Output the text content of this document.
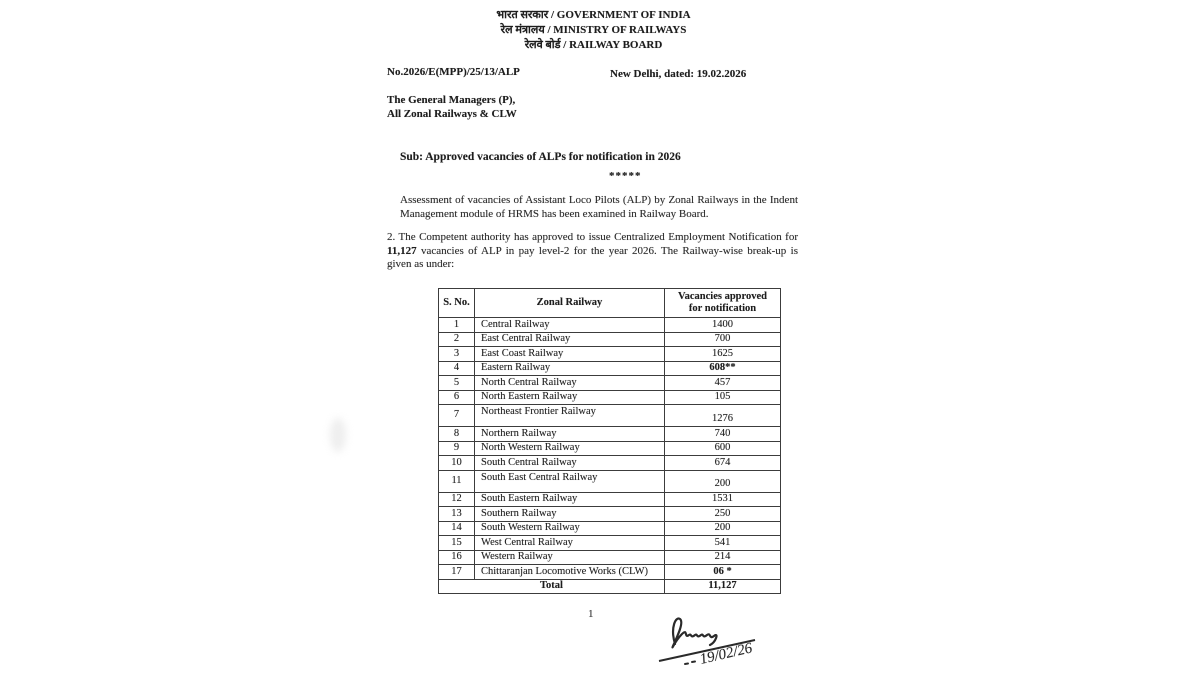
भारत सरकार / GOVERNMENT OF INDIA
रेल मंत्रालय / MINISTRY OF RAILWAYS
रेलवे बोर्ड / RAILWAY BOARD
No.2026/E(MPP)/25/13/ALP	New Delhi, dated: 19.02.2026
The General Managers (P),
All Zonal Railways & CLW
Sub: Approved vacancies of ALPs for notification in 2026
*****

Assessment of vacancies of Assistant Loco Pilots (ALP) by Zonal Railways in the Indent Management module of HRMS has been examined in Railway Board.

2. The Competent authority has approved to issue Centralized Employment Notification for 11,127 vacancies of ALP in pay level-2 for the year 2026. The Railway-wise break-up is given as under:

S. No.	Zonal Railway	Vacancies approved
for notification
1	Central Railway	1400
2	East Central Railway	700
3	East Coast Railway	1625
4	Eastern Railway	608**
5	North Central Railway	457
6	North Eastern Railway	105
7	Northeast Frontier Railway	1276
8	Northern Railway	740
9	North Western Railway	600
10	South Central Railway	674
11	South East Central Railway	200
12	South Eastern Railway	1531
13	Southern Railway	250
14	South Western Railway	200
15	West Central Railway	541
16	Western Railway	214
17	Chittaranjan Locomotive Works (CLW)	06 *
Total		11,127
1
19/02/26
